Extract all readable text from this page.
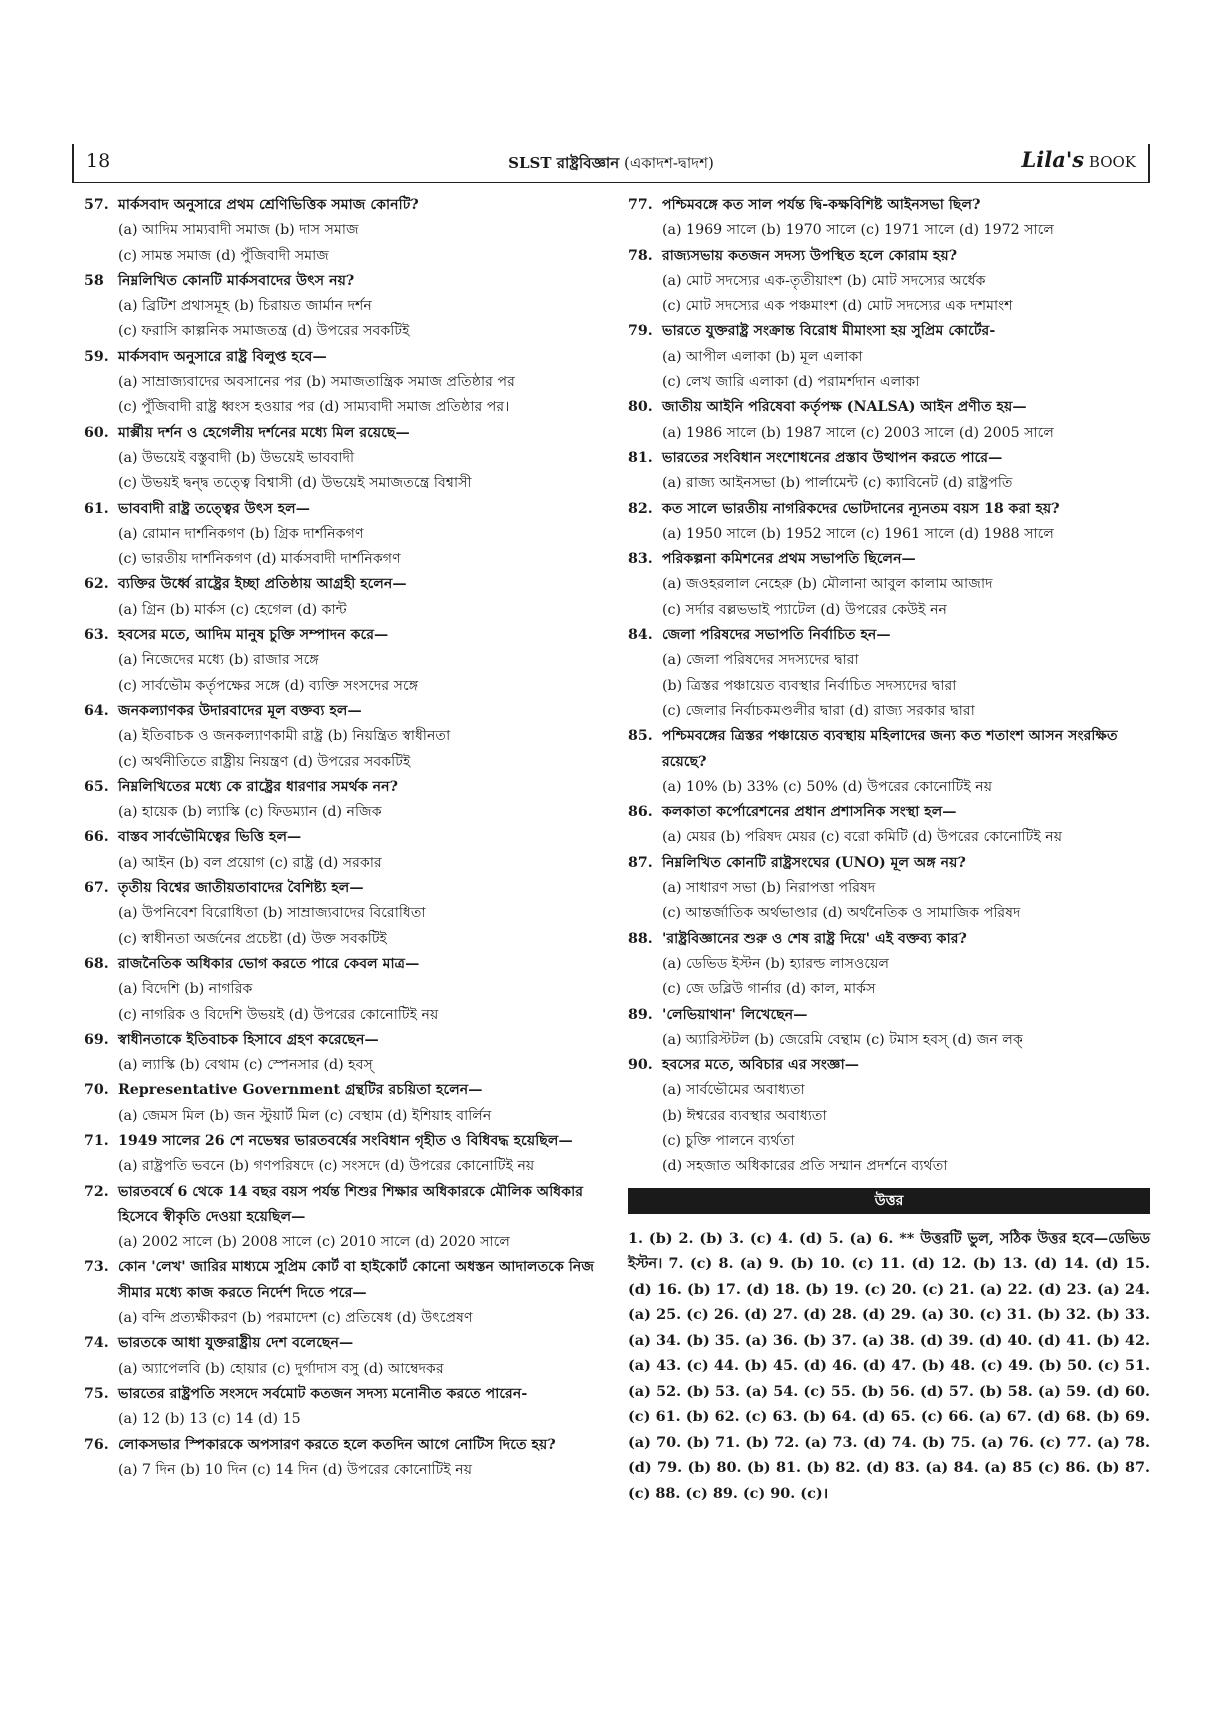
18	SLST রাষ্ট্রবিজ্ঞান (একাদশ-দ্বাদশ)	Lila's BOOK
57. মার্কসবাদ অনুসারে প্রথম শ্রেণিভিত্তিক সমাজ কোনটি?
(a) আদিম সাম্যবাদী সমাজ (b) দাস সমাজ
(c) সামন্ত সমাজ (d) পুঁজিবাদী সমাজ
58	নিম্নলিখিত কোনটি মার্কসবাদের উৎস নয়?
(a) ব্রিটিশ প্রথাসমূহ (b) চিরায়ত জার্মান দর্শন
(c) ফরাসি কাল্পনিক সমাজতন্ত্র (d) উপরের সবকটিই
59. মার্কসবাদ অনুসারে রাষ্ট্র বিলুপ্ত হবে—
(a) সাম্রাজ্যবাদের অবসানের পর (b) সমাজতান্ত্রিক সমাজ প্রতিষ্ঠার পর
(c) পুঁজিবাদী রাষ্ট্র ধ্বংস হওয়ার পর (d) সাম্যবাদী সমাজ প্রতিষ্ঠার পর।
60. মার্ক্সীয় দর্শন ও হেগেলীয় দর্শনের মধ্যে মিল রয়েছে—
(a) উভয়েই বস্তুবাদী (b) উভয়েই ভাববাদী
(c) উভয়ই দ্বন্দ্ব তত্ত্বে বিশ্বাসী (d) উভয়েই সমাজতন্ত্রে বিশ্বাসী
61. ভাববাদী রাষ্ট্র তত্ত্বের উৎস হল—
(a) রোমান দার্শনিকগণ (b) গ্রিক দার্শনিকগণ
(c) ভারতীয় দার্শনিকগণ (d) মার্কসবাদী দার্শনিকগণ
62. ব্যক্তির উর্ধ্বে রাষ্ট্রের ইচ্ছা প্রতিষ্ঠায় আগ্রহী হলেন—
(a) গ্রিন (b) মার্কস (c) হেগেল (d) কান্ট
63. হবসের মতে, আদিম মানুষ চুক্তি সম্পাদন করে—
(a) নিজেদের মধ্যে (b) রাজার সঙ্গে
(c) সার্বভৌম কর্তৃপক্ষের সঙ্গে (d) ব্যক্তি সংসদের সঙ্গে
64. জনকল্যাণকর উদারবাদের মূল বক্তব্য হল—
(a) ইতিবাচক ও জনকল্যাণকামী রাষ্ট্র (b) নিয়ন্ত্রিত স্বাধীনতা
(c) অর্থনীতিতে রাষ্ট্রীয় নিয়ন্ত্রণ (d) উপরের সবকটিই
65. নিম্নলিখিতের মধ্যে কে রাষ্ট্রের ধারণার সমর্থক নন?
(a) হায়েক (b) ল্যাস্কি (c) ফিডম্যান (d) নজিক
66. বাস্তব সার্বভৌমিত্বের ভিত্তি হল—
(a) আইন (b) বল প্রয়োগ (c) রাষ্ট্র (d) সরকার
67. তৃতীয় বিশ্বের জাতীয়তাবাদের বৈশিষ্ট্য হল—
(a) উপনিবেশ বিরোধিতা (b) সাম্রাজ্যবাদের বিরোধিতা
(c) স্বাধীনতা অর্জনের প্রচেষ্টা (d) উক্ত সবকটিই
68. রাজনৈতিক অধিকার ভোগ করতে পারে কেবল মাত্র—
(a) বিদেশি (b) নাগরিক
(c) নাগরিক ও বিদেশি উভয়ই (d) উপরের কোনোটিই নয়
69. স্বাধীনতাকে ইতিবাচক হিসাবে গ্রহণ করেছেন—
(a) ল্যাস্কি (b) বেথাম (c) স্পেনসার (d) হবস্
70. Representative Government গ্রন্থটির রচয়িতা হলেন—
(a) জেমস মিল (b) জন স্টুয়ার্ট মিল (c) বেস্থাম (d) ইশিয়াহ বার্লিন
71. 1949 সালের 26 শে নভেম্বর ভারতবর্ষের সংবিধান গৃহীত ও বিধিবদ্ধ হয়েছিল—
(a) রাষ্ট্রপতি ভবনে (b) গণপরিষদে (c) সংসদে (d) উপরের কোনোটিই নয়
72. ভারতবর্ষে 6 থেকে 14 বছর বয়স পর্যন্ত শিশুর শিক্ষার অধিকারকে মৌলিক অধিকার হিসেবে স্বীকৃতি দেওয়া হয়েছিল—
(a) 2002 সালে (b) 2008 সালে (c) 2010 সালে (d) 2020 সালে
73. কোন 'লেখ' জারির মাধ্যমে সুপ্রিম কোর্ট বা হাইকোর্ট কোনো অধস্তন আদালতকে নিজ সীমার মধ্যে কাজ করতে নির্দেশ দিতে পরে—
(a) বন্দি প্রত্যক্ষীকরণ (b) পরমাদেশ (c) প্রতিষেধ (d) উৎপ্রেষণ
74. ভারতকে আধা যুক্তরাষ্ট্রীয় দেশ বলেছেন—
(a) অ্যাপেলবি (b) হোয়ার (c) দুর্গাদাস বসু (d) আম্বেদকর
75. ভারতের রাষ্ট্রপতি সংসদে সর্বমোট কতজন সদস্য মনোনীত করতে পারেন-
(a) 12 (b) 13 (c) 14 (d) 15
76. লোকসভার স্পিকারকে অপসারণ করতে হলে কতদিন আগে নোটিস দিতে হয়?
(a) 7 দিন (b) 10 দিন (c) 14 দিন (d) উপরের কোনোটিই নয়
77. পশ্চিমবঙ্গে কত সাল পর্যন্ত দ্বি-কক্ষবিশিষ্ট আইনসভা ছিল?
(a) 1969 সালে (b) 1970 সালে (c) 1971 সালে (d) 1972 সালে
78. রাজ্যসভায় কতজন সদস্য উপস্থিত হলে কোরাম হয়?
(a) মোট সদস্যের এক-তৃতীয়াংশ (b) মোট সদস্যের অর্ধেক
(c) মোট সদস্যের এক পঞ্চমাংশ (d) মোট সদস্যের এক দশমাংশ
79. ভারতে যুক্তরাষ্ট্র সংক্রান্ত বিরোধ মীমাংসা হয় সুপ্রিম কোর্টের-
(a) আপীল এলাকা (b) মূল এলাকা
(c) লেখ জারি এলাকা (d) পরামর্শদান এলাকা
80. জাতীয় আইনি পরিষেবা কর্তৃপক্ষ (NALSA) আইন প্রণীত হয়—
(a) 1986 সালে (b) 1987 সালে (c) 2003 সালে (d) 2005 সালে
81. ভারতের সংবিধান সংশোধনের প্রস্তাব উত্থাপন করতে পারে—
(a) রাজ্য আইনসভা (b) পার্লামেন্ট (c) ক্যাবিনেট (d) রাষ্ট্রপতি
82. কত সালে ভারতীয় নাগরিকদের ভোটদানের ন্যূনতম বয়স 18 করা হয়?
(a) 1950 সালে (b) 1952 সালে (c) 1961 সালে (d) 1988 সালে
83. পরিকল্পনা কমিশনের প্রথম সভাপতি ছিলেন—
(a) জওহরলাল নেহেরু (b) মৌলানা আবুল কালাম আজাদ
(c) সর্দার বল্লভভাই প্যাটেল (d) উপরের কেউই নন
84. জেলা পরিষদের সভাপতি নির্বাচিত হন—
(a) জেলা পরিষদের সদস্যদের দ্বারা
(b) ত্রিস্তর পঞ্চায়েত ব্যবস্থার নির্বাচিত সদস্যদের দ্বারা
(c) জেলার নির্বাচকমণ্ডলীর দ্বারা (d) রাজ্য সরকার দ্বারা
85. পশ্চিমবঙ্গের ত্রিস্তর পঞ্চায়েত ব্যবস্থায় মহিলাদের জন্য কত শতাংশ আসন সংরক্ষিত রয়েছে?
(a) 10% (b) 33% (c) 50% (d) উপরের কোনোটিই নয়
86. কলকাতা কর্পোরেশনের প্রধান প্রশাসনিক সংস্থা হল—
(a) মেয়র (b) পরিষদ মেয়র (c) বরো কমিটি (d) উপরের কোনোটিই নয়
87. নিম্নলিখিত কোনটি রাষ্ট্রসংঘের (UNO) মূল অঙ্গ নয়?
(a) সাধারণ সভা (b) নিরাপত্তা পরিষদ
(c) আন্তর্জাতিক অর্থভাণ্ডার (d) অর্থনৈতিক ও সামাজিক পরিষদ
88. 'রাষ্ট্রবিজ্ঞানের শুরু ও শেষ রাষ্ট্র দিয়ে' এই বক্তব্য কার?
(a) ডেভিড ইস্টন (b) হ্যারল্ড লাসওয়েল
(c) জে ডব্লিউ গার্নার (d) কাল, মার্কস
89. 'লেভিয়াথান' লিখেছেন—
(a) অ্যারিস্টটল (b) জেরেমি বেন্থাম (c) টমাস হবস্ (d) জন লক্
90. হবসের মতে, অবিচার এর সংজ্ঞা—
(a) সার্বভৌমের অবাধ্যতা
(b) ঈশ্বরের ব্যবস্থার অবাধ্যতা
(c) চুক্তি পালনে ব্যর্থতা
(d) সহজাত অধিকারের প্রতি সম্মান প্রদর্শনে ব্যর্থতা
উত্তর
1. (b) 2. (b) 3. (c) 4. (d) 5. (a) 6. ** উত্তরটি ভুল, সঠিক উত্তর হবে—ডেভিড ইস্টন। 7. (c) 8. (a) 9. (b) 10. (c) 11. (d) 12. (b) 13. (d) 14. (d) 15. (d) 16. (b) 17. (d) 18. (b) 19. (c) 20. (c) 21. (a) 22. (d) 23. (a) 24. (a) 25. (c) 26. (d) 27. (d) 28. (d) 29. (a) 30. (c) 31. (b) 32. (b) 33. (a) 34. (b) 35. (a) 36. (b) 37. (a) 38. (d) 39. (d) 40. (d) 41. (b) 42. (a) 43. (c) 44. (b) 45. (d) 46. (d) 47. (b) 48. (c) 49. (b) 50. (c) 51. (a) 52. (b) 53. (a) 54. (c) 55. (b) 56. (d) 57. (b) 58. (a) 59. (d) 60. (c) 61. (b) 62. (c) 63. (b) 64. (d) 65. (c) 66. (a) 67. (d) 68. (b) 69. (a) 70. (b) 71. (b) 72. (a) 73. (d) 74. (b) 75. (a) 76. (c) 77. (a) 78. (d) 79. (b) 80. (b) 81. (b) 82. (d) 83. (a) 84. (a) 85 (c) 86. (b) 87. (c) 88. (c) 89. (c) 90. (c)।
